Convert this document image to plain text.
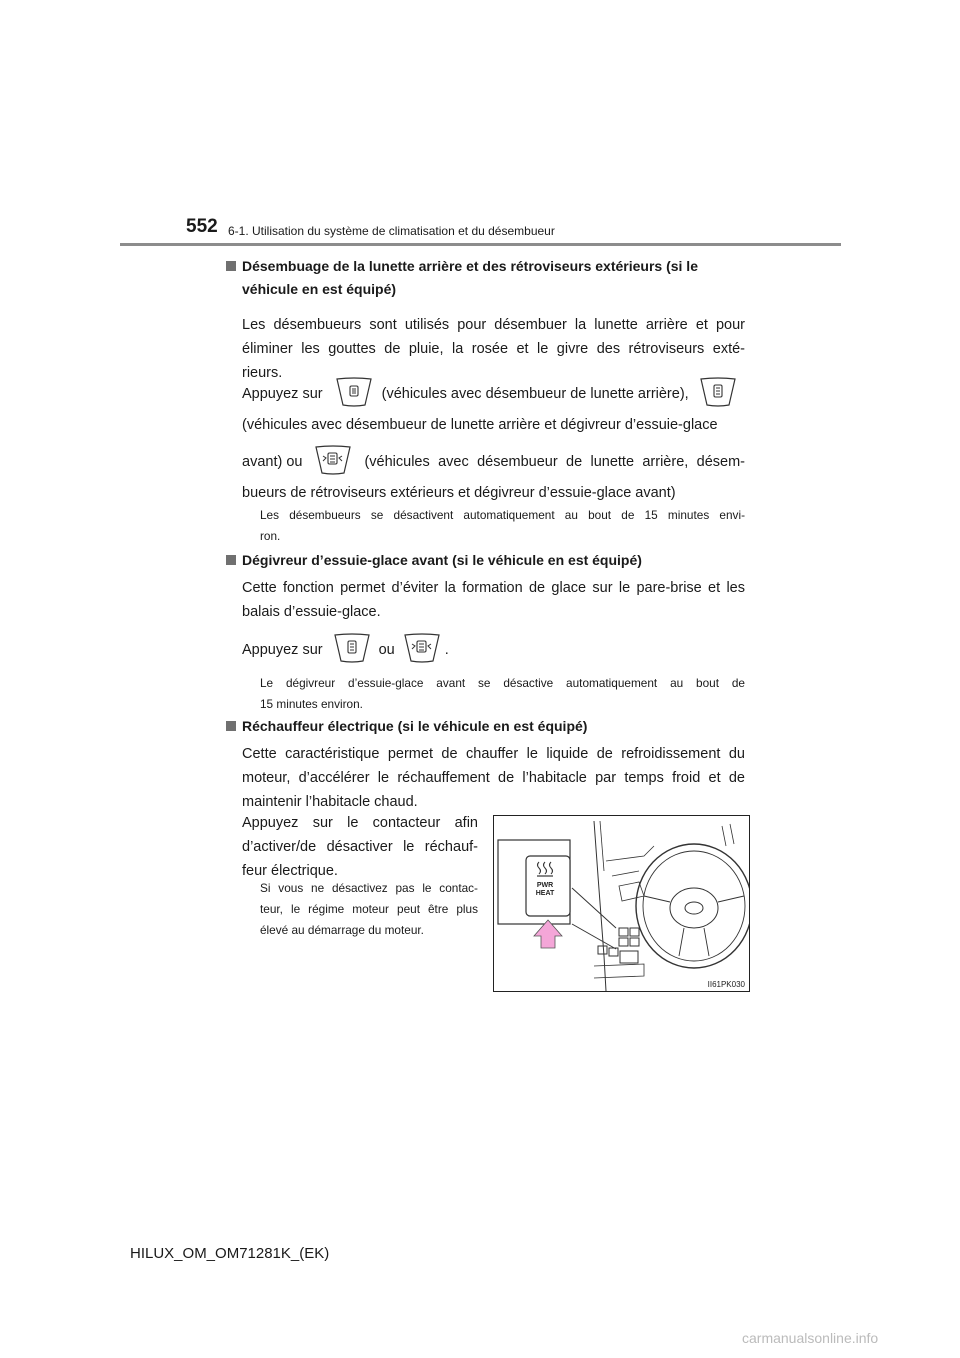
552 6-1. Utilisation du système de climatisation et du désembueur
Désembuage de la lunette arrière et des rétroviseurs extérieurs (si le
véhicule en est équipé)
Les désembueurs sont utilisés pour désembuer la lunette arrière et pour
éliminer les gouttes de pluie, la rosée et le givre des rétroviseurs exté-
rieurs.
Appuyez sur	(véhicules avec désembueur de lunette arrière),
(véhicules avec désembueur de lunette arrière et dégivreur d’essuie-glace
avant) ou	(véhicules avec désembueur de lunette arrière, désem-
bueurs de rétroviseurs extérieurs et dégivreur d’essuie-glace avant)
Les désembueurs se désactivent automatiquement au bout de 15 minutes envi-
ron.
Dégivreur d’essuie-glace avant (si le véhicule en est équipé)
Cette fonction permet d’éviter la formation de glace sur le pare-brise et les
balais d’essuie-glace.
Appuyez sur	ou	.
Le dégivreur d’essuie-glace avant se désactive automatiquement au bout de
15 minutes environ.
Réchauffeur électrique (si le véhicule en est équipé)
Cette caractéristique permet de chauffer le liquide de refroidissement du
moteur, d’accélérer le réchauffement de l’habitacle par temps froid et de
maintenir l’habitacle chaud.
Appuyez sur le contacteur afin
d’activer/de désactiver le réchauf-
feur électrique.
Si vous ne désactivez pas le contac-
teur, le régime moteur peut être plus
élevé au démarrage du moteur.
PWR
HEAT
II61PK030
HILUX_OM_OM71281K_(EK)
carmanualsonline.info
